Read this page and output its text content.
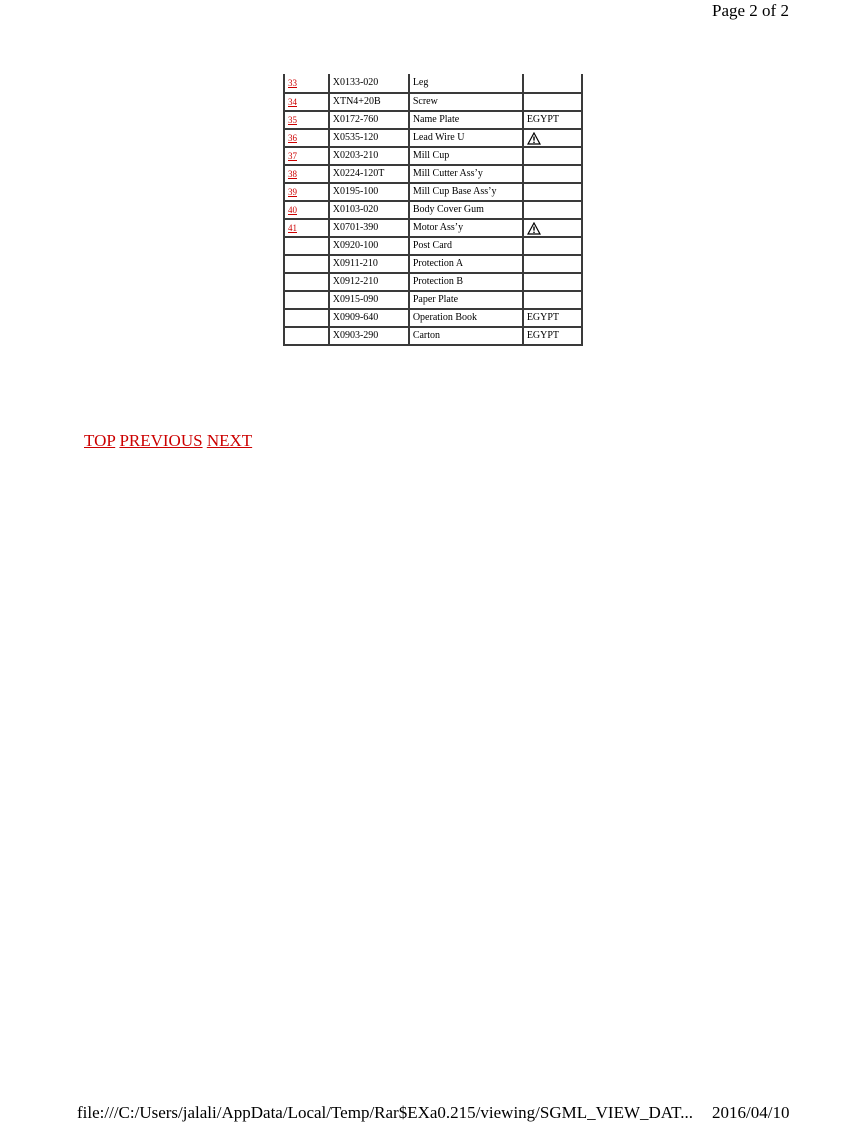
Page 2 of 2
33	X0133-020	Leg	
34	XTN4+20B	Screw	
35	X0172-760	Name Plate	EGYPT
36	X0535-120	Lead Wire U	
37	X0203-210	Mill Cup	
38	X0224-120T	Mill Cutter Ass’y	
39	X0195-100	Mill Cup Base Ass’y	
40	X0103-020	Body Cover Gum	
41	X0701-390	Motor Ass’y	
	X0920-100	Post Card	
	X0911-210	Protection A	
	X0912-210	Protection B	
	X0915-090	Paper Plate	
	X0909-640	Operation Book	EGYPT
	X0903-290	Carton	EGYPT
TOP PREVIOUS NEXT
file:///C:/Users/jalali/AppData/Local/Temp/Rar$EXa0.215/viewing/SGML_VIEW_DAT... 2016/04/10
